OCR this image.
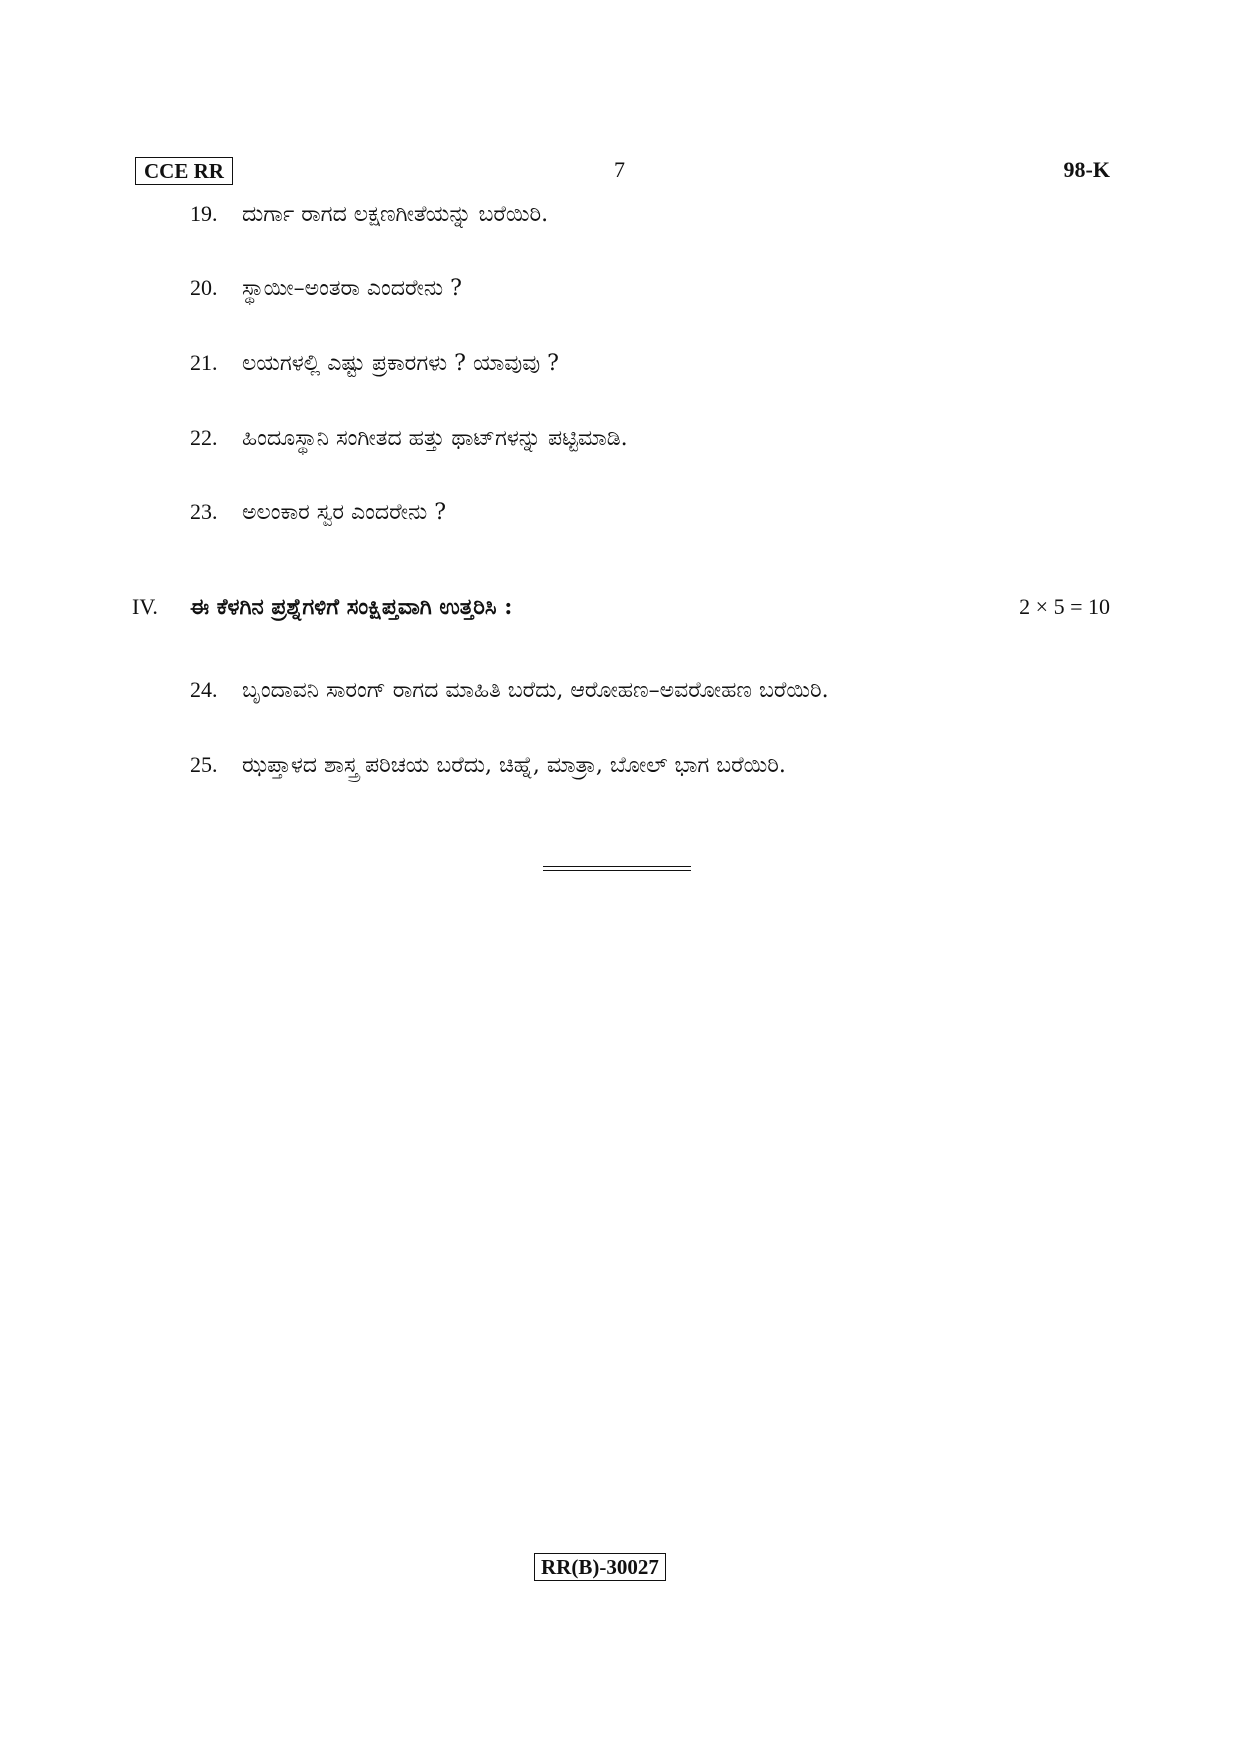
CCE RR	7	98-K
19. ದುರ್ಗಾ ರಾಗದ ಲಕ್ಷಣಗೀತೆಯನ್ನು ಬರೆಯಿರಿ.
20. ಸ್ಥಾಯೀ–ಅಂತರಾ ಎಂದರೇನು ?
21. ಲಯಗಳಲ್ಲಿ ಎಷ್ಟು ಪ್ರಕಾರಗಳು ? ಯಾವುವು ?
22. ಹಿಂದೂಸ್ಥಾನಿ ಸಂಗೀತದ ಹತ್ತು ಥಾಟ್‌ಗಳನ್ನು ಪಟ್ಟಿಮಾಡಿ.
23. ಅಲಂಕಾರ ಸ್ವರ ಎಂದರೇನು ?
IV. ಈ ಕೆಳಗಿನ ಪ್ರಶ್ನೆಗಳಿಗೆ ಸಂಕ್ಷಿಪ್ತವಾಗಿ ಉತ್ತರಿಸಿ :	2 × 5 = 10
24. ಬೃಂದಾವನಿ ಸಾರಂಗ್ ರಾಗದ ಮಾಹಿತಿ ಬರೆದು, ಆರೋಹಣ–ಅವರೋಹಣ ಬರೆಯಿರಿ.
25. ಝಪ್ತಾಳದ ಶಾಸ್ತ್ರ ಪರಿಚಯ ಬರೆದು, ಚಿಹ್ನೆ, ಮಾತ್ರಾ, ಬೋಲ್ ಭಾಗ ಬರೆಯಿರಿ.
RR(B)-30027
